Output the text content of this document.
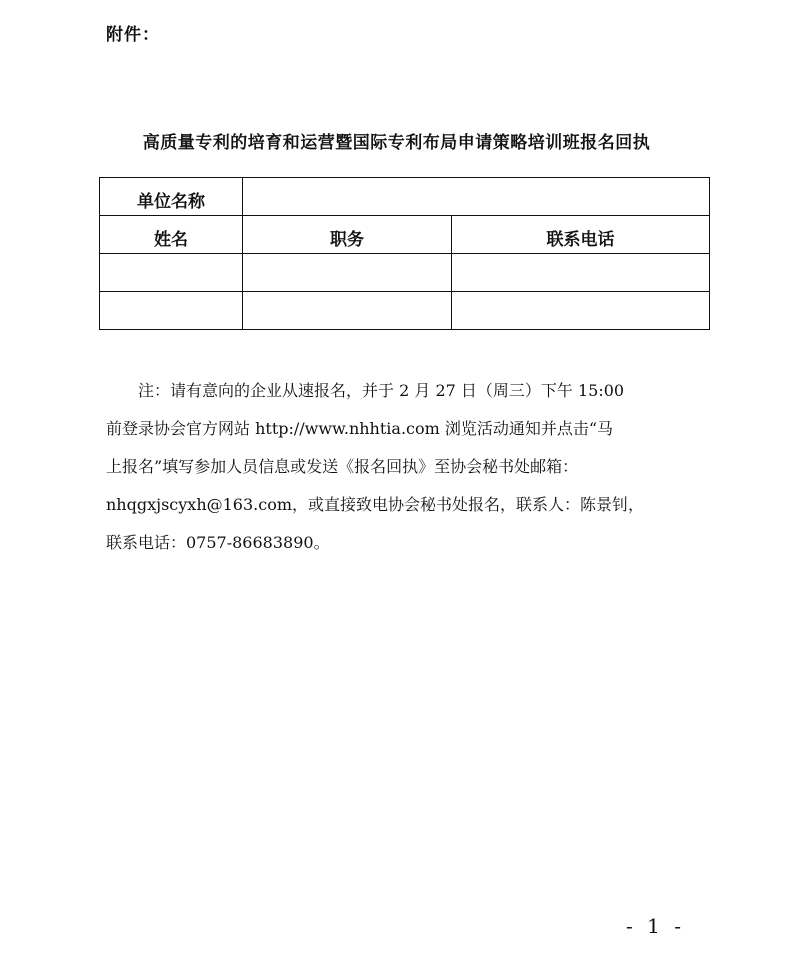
附件：
高质量专利的培育和运营暨国际专利布局申请策略培训班报名回执
单位名称		
姓名	职务	联系电话

注：请有意向的企业从速报名，并于 2 月 27 日（周三）下午 15:00

前登录协会官方网站 http://www.nhhtia.com 浏览活动通知并点击“马

上报名”填写参加人员信息或发送《报名回执》至协会秘书处邮箱：

nhqgxjscyxh@163.com，或直接致电协会秘书处报名，联系人：陈景钊，

联系电话：0757-86683890。

- 1 -
